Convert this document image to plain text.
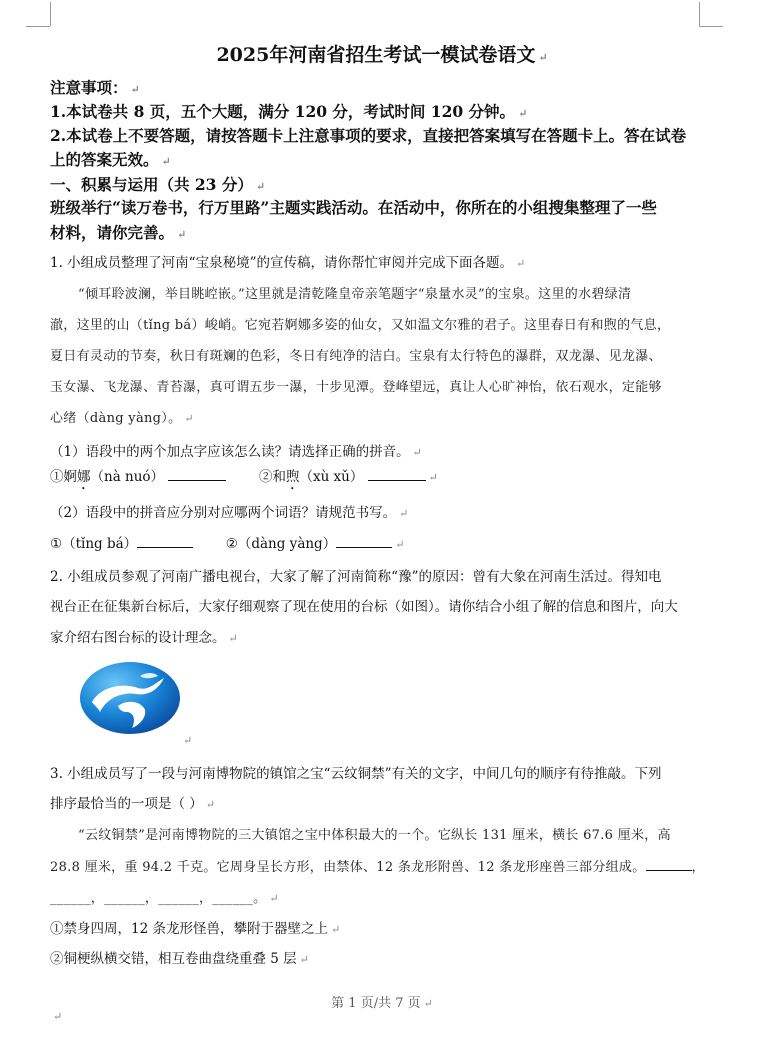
2025年河南省招生考试一模试卷语文 ↵
注意事项： ↵
1.本试卷共 8 页，五个大题，满分 120 分，考试时间 120 分钟。 ↵
2.本试卷上不要答题，请按答题卡上注意事项的要求，直接把答案填写在答题卡上。答在试卷
上的答案无效。 ↵
一、积累与运用（共 23 分） ↵
班级举行“读万卷书，行万里路”主题实践活动。在活动中，你所在的小组搜集整理了一些
材料，请你完善。 ↵
1. 小组成员整理了河南“宝泉秘境”的宣传稿，请你帮忙审阅并完成下面各题。 ↵
“倾耳聆波澜，举目眺崆嵌。”这里就是清乾隆皇帝亲笔题字“泉量水灵”的宝泉。这里的水碧绿清
澈，这里的山（tǐng bá）峻峭。它宛若婀娜多姿的仙女，又如温文尔雅的君子。这里春日有和煦的气息，
夏日有灵动的节奏，秋日有斑斓的色彩，冬日有纯净的洁白。宝泉有太行特色的瀑群，双龙瀑、见龙瀑、
玉女瀑、飞龙瀑、青苔瀑，真可谓五步一瀑，十步见潭。登峰望远，真让人心旷神怡，依石观水，定能够
心绪（dàng yàng）。 ↵
（1）语段中的两个加点字应该怎么读？请选择正确的拼音。 ↵
①婀娜（nà nuó）	②和煦（xù xǔ）	↵
（2）语段中的拼音应分别对应哪两个词语？请规范书写。 ↵
①（tǐng bá）	②（dàng yàng）	↵
2. 小组成员参观了河南广播电视台，大家了解了河南简称“豫”的原因：曾有大象在河南生活过。得知电
视台正在征集新台标后，大家仔细观察了现在使用的台标（如图）。请你结合小组了解的信息和图片，向大
家介绍右图台标的设计理念。 ↵
↵
3. 小组成员写了一段与河南博物院的镇馆之宝“云纹铜禁”有关的文字，中间几句的顺序有待推敲。下列
排序最恰当的一项是（ ） ↵
“云纹铜禁”是河南博物院的三大镇馆之宝中体积最大的一个。它纵长 131 厘米，横长 67.6 厘米，高
28.8 厘米，重 94.2 千克。它周身呈长方形，由禁体、12 条龙形附兽、12 条龙形座兽三部分组成。	，
______，______，______，______。 ↵
①禁身四周，12 条龙形怪兽，攀附于器壁之上 ↵
②铜梗纵横交错，相互卷曲盘绕重叠 5 层 ↵
第 1 页/共 7 页 ↵
↵
